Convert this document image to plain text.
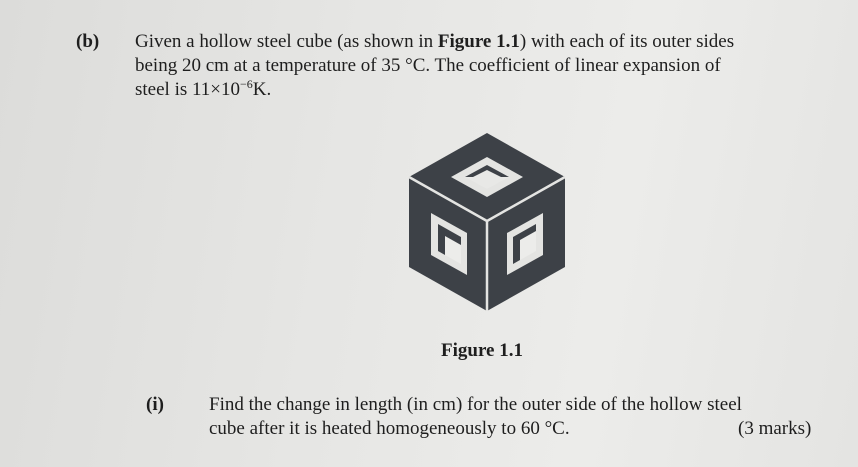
(b) Given a hollow steel cube (as shown in Figure 1.1) with each of its outer sides
being 20 cm at a temperature of 35 °C. The coefficient of linear expansion of
steel is $11\times 10^{-6}K$.
Figure 1.1
(i) Find the change in length (in cm) for the outer side of the hollow steel
cube after it is heated homogeneously to 60 °C.	(3 marks)
